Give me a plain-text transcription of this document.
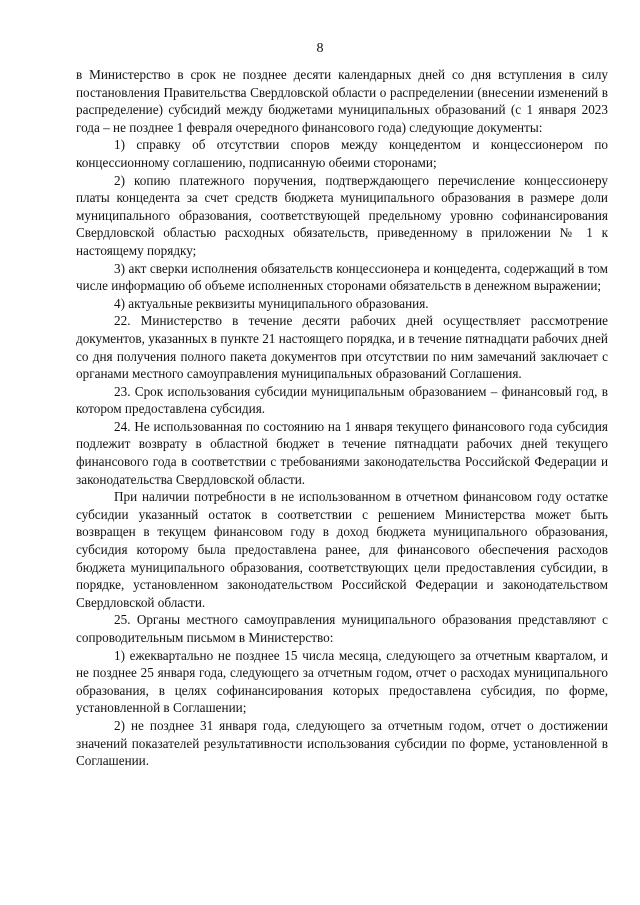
8

в Министерство в срок не позднее десяти календарных дней со дня вступления в силу постановления Правительства Свердловской области о распределении (внесении изменений в распределение) субсидий между бюджетами муниципальных образований (с 1 января 2023 года – не позднее 1 февраля очередного финансового года) следующие документы:

1) справку об отсутствии споров между концедентом и концессионером по концессионному соглашению, подписанную обеими сторонами;

2) копию платежного поручения, подтверждающего перечисление концессионеру платы концедента за счет средств бюджета муниципального образования в размере доли муниципального образования, соответствующей предельному уровню софинансирования Свердловской областью расходных обязательств, приведенному в приложении № 1 к настоящему порядку;

3) акт сверки исполнения обязательств концессионера и концедента, содержащий в том числе информацию об объеме исполненных сторонами обязательств в денежном выражении;

4) актуальные реквизиты муниципального образования.

22. Министерство в течение десяти рабочих дней осуществляет рассмотрение документов, указанных в пункте 21 настоящего порядка, и в течение пятнадцати рабочих дней со дня получения полного пакета документов при отсутствии по ним замечаний заключает с органами местного самоуправления муниципальных образований Соглашения.

23. Срок использования субсидии муниципальным образованием – финансовый год, в котором предоставлена субсидия.

24. Не использованная по состоянию на 1 января текущего финансового года субсидия подлежит возврату в областной бюджет в течение пятнадцати рабочих дней текущего финансового года в соответствии с требованиями законодательства Российской Федерации и законодательства Свердловской области.

При наличии потребности в не использованном в отчетном финансовом году остатке субсидии указанный остаток в соответствии с решением Министерства может быть возвращен в текущем финансовом году в доход бюджета муниципального образования, субсидия которому была предоставлена ранее, для финансового обеспечения расходов бюджета муниципального образования, соответствующих цели предоставления субсидии, в порядке, установленном законодательством Российской Федерации и законодательством Свердловской области.

25. Органы местного самоуправления муниципального образования представляют с сопроводительным письмом в Министерство:

1) ежеквартально не позднее 15 числа месяца, следующего за отчетным кварталом, и не позднее 25 января года, следующего за отчетным годом, отчет о расходах муниципального образования, в целях софинансирования которых предоставлена субсидия, по форме, установленной в Соглашении;

2) не позднее 31 января года, следующего за отчетным годом, отчет о достижении значений показателей результативности использования субсидии по форме, установленной в Соглашении.
